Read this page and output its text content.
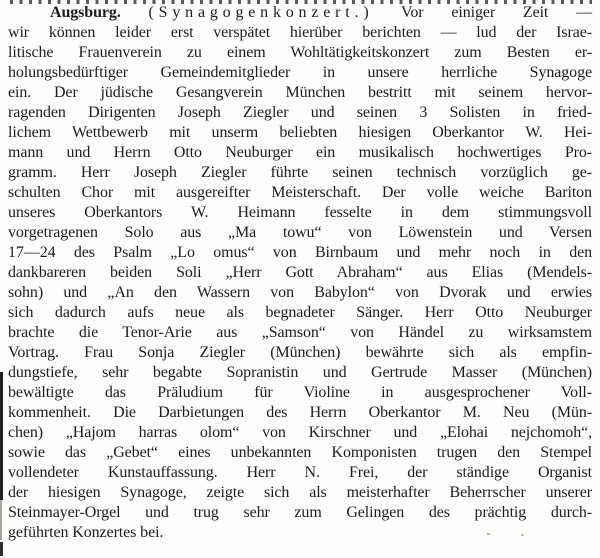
Augsburg. (Synagogenkonzert.) Vor einiger Zeit —
wir können leider erst verspätet hierüber berichten — lud der Israe-
litische Frauenverein zu einem Wohltätigkeitskonzert zum Besten er-
holungsbedürftiger Gemeindemitglieder in unsere herrliche Synagoge
ein. Der jüdische Gesangverein München bestritt mit seinem hervor-
ragenden Dirigenten Joseph Ziegler und seinen 3 Solisten in fried-
lichem Wettbewerb mit unserm beliebten hiesigen Oberkantor W. Hei-
mann und Herrn Otto Neuburger ein musikalisch hochwertiges Pro-
gramm. Herr Joseph Ziegler führte seinen technisch vorzüglich ge-
schulten Chor mit ausgereifter Meisterschaft. Der volle weiche Bariton
unseres Oberkantors W. Heimann fesselte in dem stimmungsvoll
vorgetragenen Solo aus „Ma towu“ von Löwenstein und Versen
17—24 des Psalm „Lo omus“ von Birnbaum und mehr noch in den
dankbareren beiden Soli „Herr Gott Abraham“ aus Elias (Mendels-
sohn) und „An den Wassern von Babylon“ von Dvorak und erwies
sich dadurch aufs neue als begnadeter Sänger. Herr Otto Neuburger
brachte die Tenor-Arie aus „Samson“ von Händel zu wirksamstem
Vortrag. Frau Sonja Ziegler (München) bewährte sich als empfin-
dungstiefe, sehr begabte Sopranistin und Gertrude Masser (München)
bewältigte das Präludium für Violine in ausgesprochener Voll-
kommenheit. Die Darbietungen des Herrn Oberkantor M. Neu (Mün-
chen) „Hajom harras olom“ von Kirschner und „Elohai nejchomoh“,
sowie das „Gebet“ eines unbekannten Komponisten trugen den Stempel
vollendeter Kunstauffassung. Herr N. Frei, der ständige Organist
der hiesigen Synagoge, zeigte sich als meisterhafter Beherrscher unserer
Steinmayer-Orgel und trug sehr zum Gelingen des prächtig durch-
geführten Konzertes bei.
